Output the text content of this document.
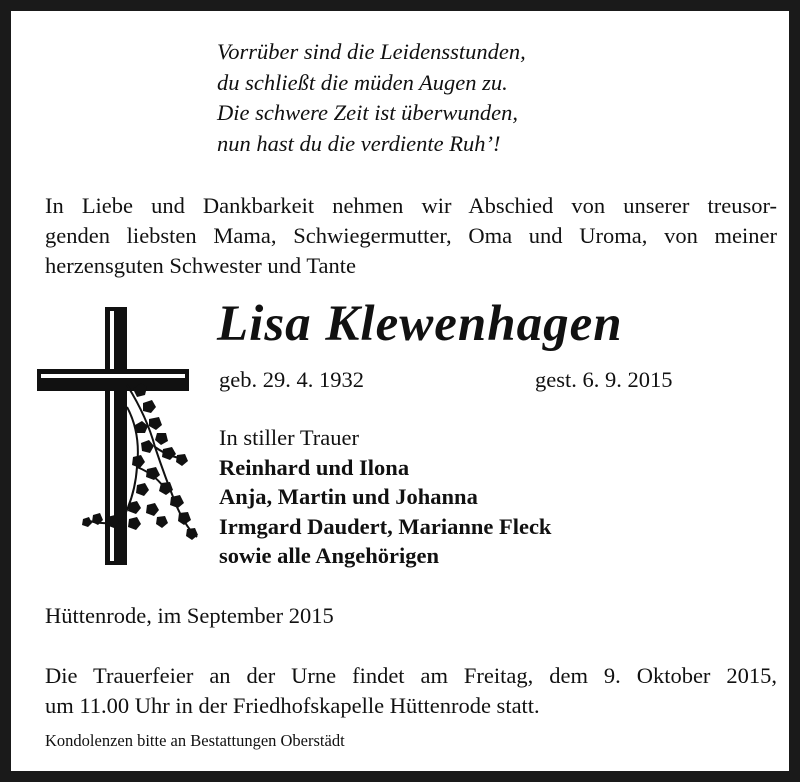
Vorrüber sind die Leidensstunden,
du schließt die müden Augen zu.
Die schwere Zeit ist überwunden,
nun hast du die verdiente Ruh’!
In Liebe und Dankbarkeit nehmen wir Abschied von unserer treusor-
genden liebsten Mama, Schwiegermutter, Oma und Uroma, von meiner
herzensguten Schwester und Tante
Lisa Klewenhagen
geb. 29. 4. 1932	gest. 6. 9. 2015
In stiller Trauer
Reinhard und Ilona
Anja, Martin und Johanna
Irmgard Daudert, Marianne Fleck
sowie alle Angehörigen
Hüttenrode, im September 2015
Die Trauerfeier an der Urne findet am Freitag, dem 9. Oktober 2015,
um 11.00 Uhr in der Friedhofskapelle Hüttenrode statt.
Kondolenzen bitte an Bestattungen Oberstädt
